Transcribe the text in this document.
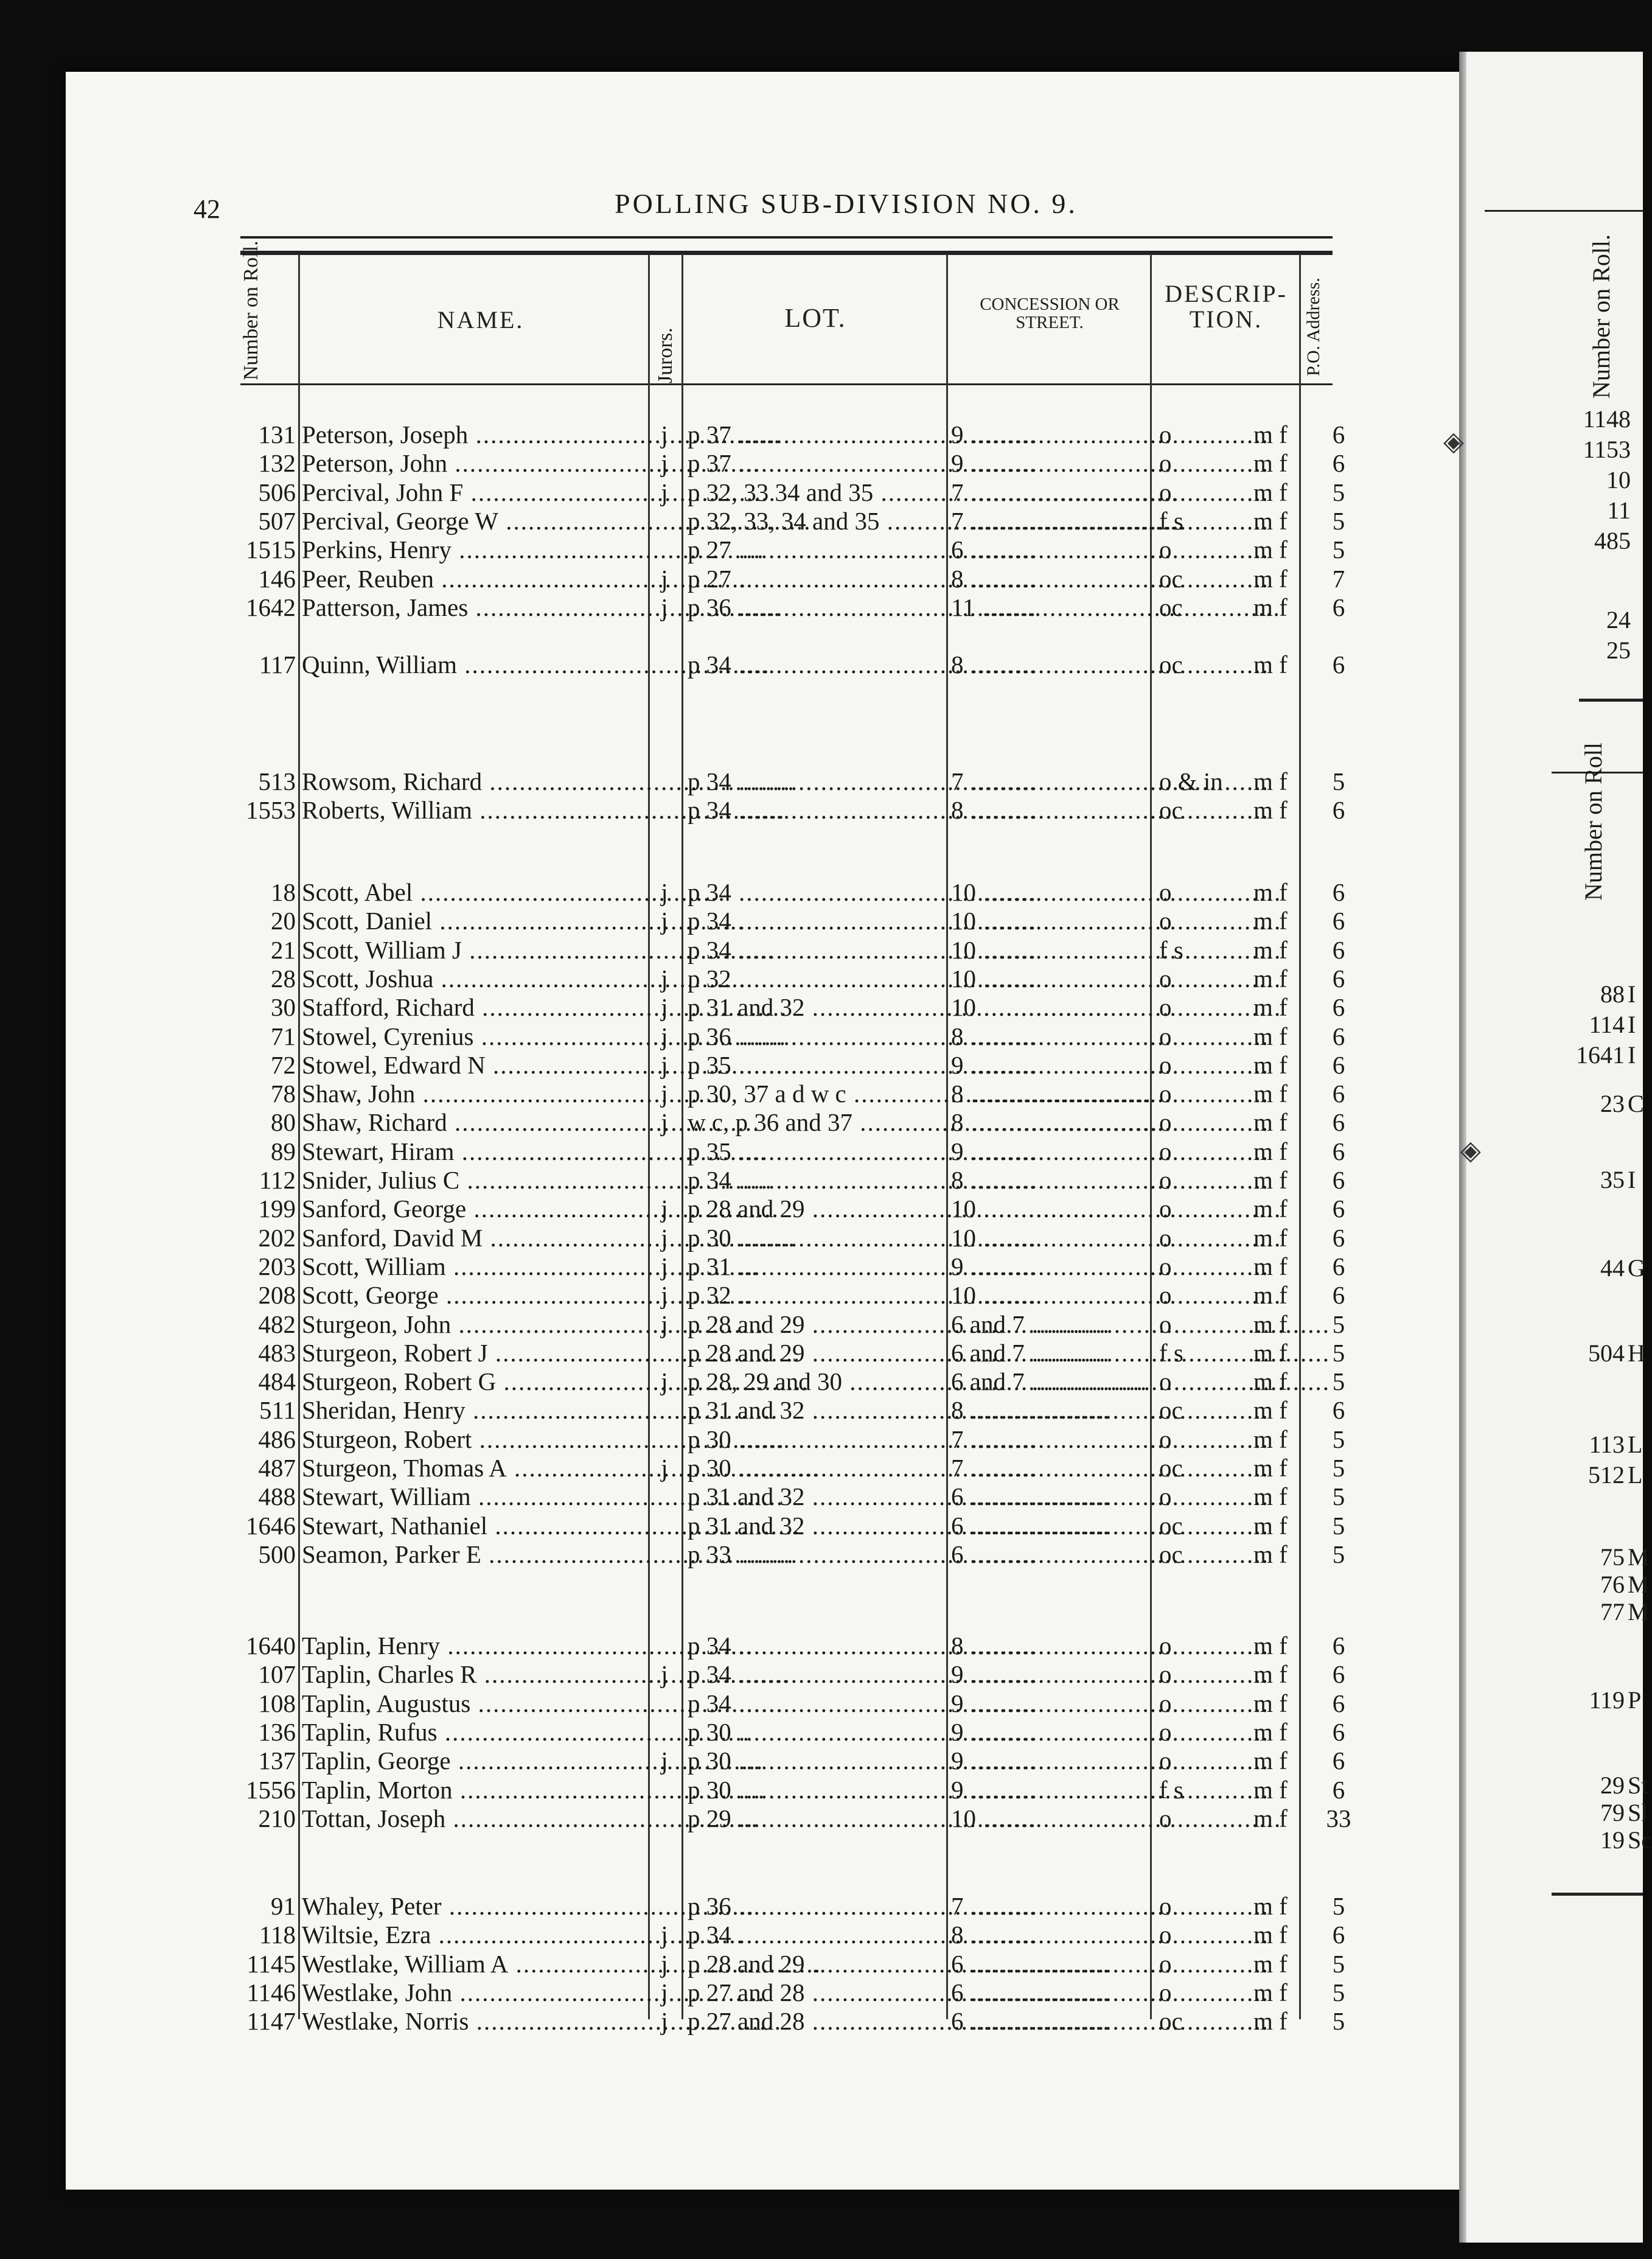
42	POLLING SUB-DIVISION NO. 9.
Number on Roll.	NAME.
Jurors.
LOT.	CONCESSION OR STREET.
DESCRIP- TION.	P.O. Address.
131 Peterson, Joseph .....	j p 37 .....	9 .....	o	m f	6
132 Peterson, John .....	j p 37 .....	9 .....	o	m f	6
506 Percival, John F .....	j p 32, 33 34 and 35 .....	7 .....	o	m f	5
507 Percival, George W .....	p 32, 33, 34 and 35 .....	7 .....	f s	m f	5
1515 Perkins, Henry .....	p 27 .....	6 .....	o	m f	5
146 Peer, Reuben .....	j p 27 .....	8 .....	oc	m f	7
1642 Patterson, James .....	j p 36 .....	11 .....	oc	m f	6
117 Quinn, William .....	p 34 .....	8 .....	oc	m f	6
513 Rowsom, Richard .....	p 34 .....	7 .....	o & in	m f	5
1553 Roberts, William .....	p 34 .....	8 .....	oc	m f	6
18 Scott, Abel .....	j p 34 .....	10 .....	o	m f	6
20 Scott, Daniel .....	j p 34 .....	10 .....	o	m f	6
21 Scott, William J .....	p 34 .....	10 .....	f s	m f	6
28 Scott, Joshua .....	j p 32 .....	10 .....	o	m f	6
30 Stafford, Richard .....	j p 31 and 32 .....	10 .....	o	m f	6
71 Stowel, Cyrenius .....	j p 36 .....	8 .....	o	m f	6
72 Stowel, Edward N .....	j p 35 .....	9 .....	o	m f	6
78 Shaw, John .....	j p 30, 37 a d w c .....	8 .....	o	m f	6
80 Shaw, Richard .....	j w c, p 36 and 37 .....	8 .....	o	m f	6
89 Stewart, Hiram .....	p 35 .....	9 .....	o	m f	6
112 Snider, Julius C .....	p 34 .....	8 .....	o	m f	6
199 Sanford, George .....	j p 28 and 29 .....	10 .....	o	m f	6
202 Sanford, David M .....	j p 30 .....	10 .....	o	m f	6
203 Scott, William .....	j p 31 .....	9 .....	o	m f	6
208 Scott, George .....	j p 32 .....	10 .....	o	m f	6
482 Sturgeon, John .....	j p 28 and 29 .....	6 and 7 .....	o	m f	5
483 Sturgeon, Robert J .....	p 28 and 29 .....	6 and 7 .....	f s	m f	5
484 Sturgeon, Robert G .....	j p 28, 29 and 30 .....	6 and 7 .....	o	m f	5
511 Sheridan, Henry .....	p 31 and 32 .....	8 .....	oc	m f	6
486 Sturgeon, Robert .....	p 30 .....	7 .....	o	m f	5
487 Sturgeon, Thomas A .....	j p 30 .....	7 .....	oc	m f	5
488 Stewart, William .....	p 31 and 32 .....	6 .....	o	m f	5
1646 Stewart, Nathaniel .....	p 31 and 32 .....	6 .....	oc	m f	5
500 Seamon, Parker E .....	p 33 .....	6 .....	oc	m f	5
1640 Taplin, Henry .....	p 34 .....	8 .....	o	m f	6
107 Taplin, Charles R .....	j p 34 .....	9 .....	o	m f	6
108 Taplin, Augustus .....	p 34 .....	9 .....	o	m f	6
136 Taplin, Rufus .....	p 30 .....	9 .....	o	m f	6
137 Taplin, George .....	j p 30 .....	9 .....	o	m f	6
1556 Taplin, Morton .....	p 30 .....	9 .....	f s	m f	6
210 Tottan, Joseph .....	p 29 .....	10 .....	o	m f	33
91 Whaley, Peter .....	p 36 .....	7 .....	o	m f	5
118 Wiltsie, Ezra .....	j p 34 .....	8 .....	o	m f	6
1145 Westlake, William A .....	j p 28 and 29 .....	6 .....	o	m f	5
1146 Westlake, John .....	j p 27 and 28 .....	6 .....	o	m f	5
1147 Westlake, Norris .....	j p 27 and 28 .....	6 .....	oc	m f	5
Number on Roll.
Number on Roll
1148
1153
10
11
485
24
25
88 I
114 I
1641 I
23 C
35 I
44 G
504 H
113 L
512 L
75 M
76 M
77 M
119 P
29 St
79 Sl
19 Sc
◈
◈
